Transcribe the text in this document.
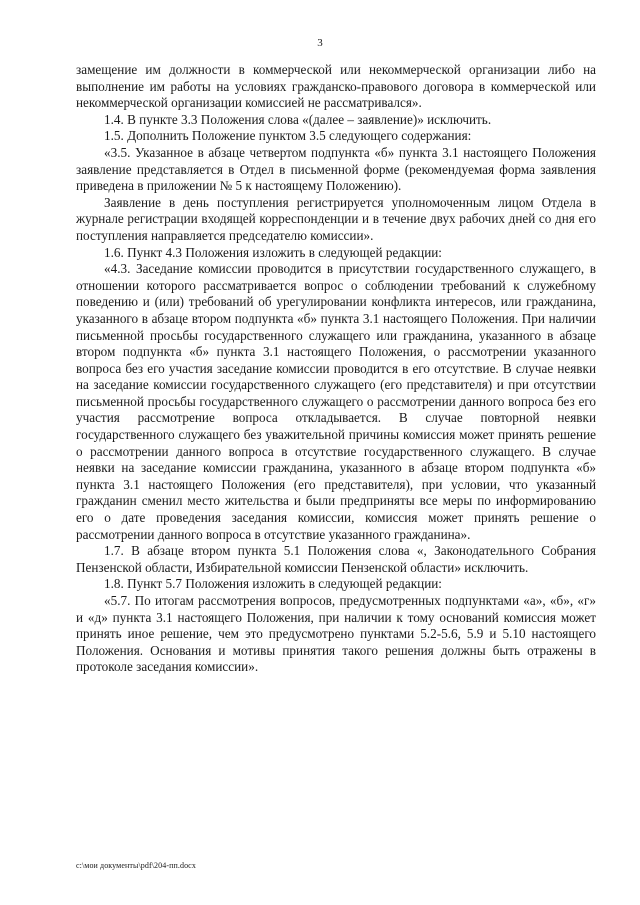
3

замещение им должности в коммерческой или некоммерческой организации либо на выполнение им работы на условиях гражданско-правового договора в коммерческой или некоммерческой организации комиссией не рассматривался».

1.4. В пункте 3.3 Положения слова «(далее – заявление)» исключить.

1.5. Дополнить Положение пунктом 3.5 следующего содержания:

«3.5. Указанное в абзаце четвертом подпункта «б» пункта 3.1 настоящего Положения заявление представляется в Отдел в письменной форме (рекомендуемая форма заявления приведена в приложении № 5 к настоящему Положению).

Заявление в день поступления регистрируется уполномоченным лицом Отдела в журнале регистрации входящей корреспонденции и в течение двух рабочих дней со дня его поступления направляется председателю комиссии».

1.6. Пункт 4.3 Положения изложить в следующей редакции:

«4.3. Заседание комиссии проводится в присутствии государственного служащего, в отношении которого рассматривается вопрос о соблюдении требований к служебному поведению и (или) требований об урегулировании конфликта интересов, или гражданина, указанного в абзаце втором подпункта «б» пункта 3.1 настоящего Положения. При наличии письменной просьбы государственного служащего или гражданина, указанного в абзаце втором подпункта «б» пункта 3.1 настоящего Положения, о рассмотрении указанного вопроса без его участия заседание комиссии проводится в его отсутствие. В случае неявки на заседание комиссии государственного служащего (его представителя) и при отсутствии письменной просьбы государственного служащего о рассмотрении данного вопроса без его участия рассмотрение вопроса откладывается. В случае повторной неявки государственного служащего без уважительной причины комиссия может принять решение о рассмотрении данного вопроса в отсутствие государственного служащего. В случае неявки на заседание комиссии гражданина, указанного в абзаце втором подпункта «б» пункта 3.1 настоящего Положения (его представителя), при условии, что указанный гражданин сменил место жительства и были предприняты все меры по информированию его о дате проведения заседания комиссии, комиссия может принять решение о рассмотрении данного вопроса в отсутствие указанного гражданина».

1.7. В абзаце втором пункта 5.1 Положения слова «, Законодательного Собрания Пензенской области, Избирательной комиссии Пензенской области» исключить.

1.8. Пункт 5.7 Положения изложить в следующей редакции:

«5.7. По итогам рассмотрения вопросов, предусмотренных подпунктами «а», «б», «г» и «д» пункта 3.1 настоящего Положения, при наличии к тому оснований комиссия может принять иное решение, чем это предусмотрено пунктами 5.2-5.6, 5.9 и 5.10 настоящего Положения. Основания и мотивы принятия такого решения должны быть отражены в протоколе заседания комиссии».

c:\мои документы\pdf\204-пп.docx
